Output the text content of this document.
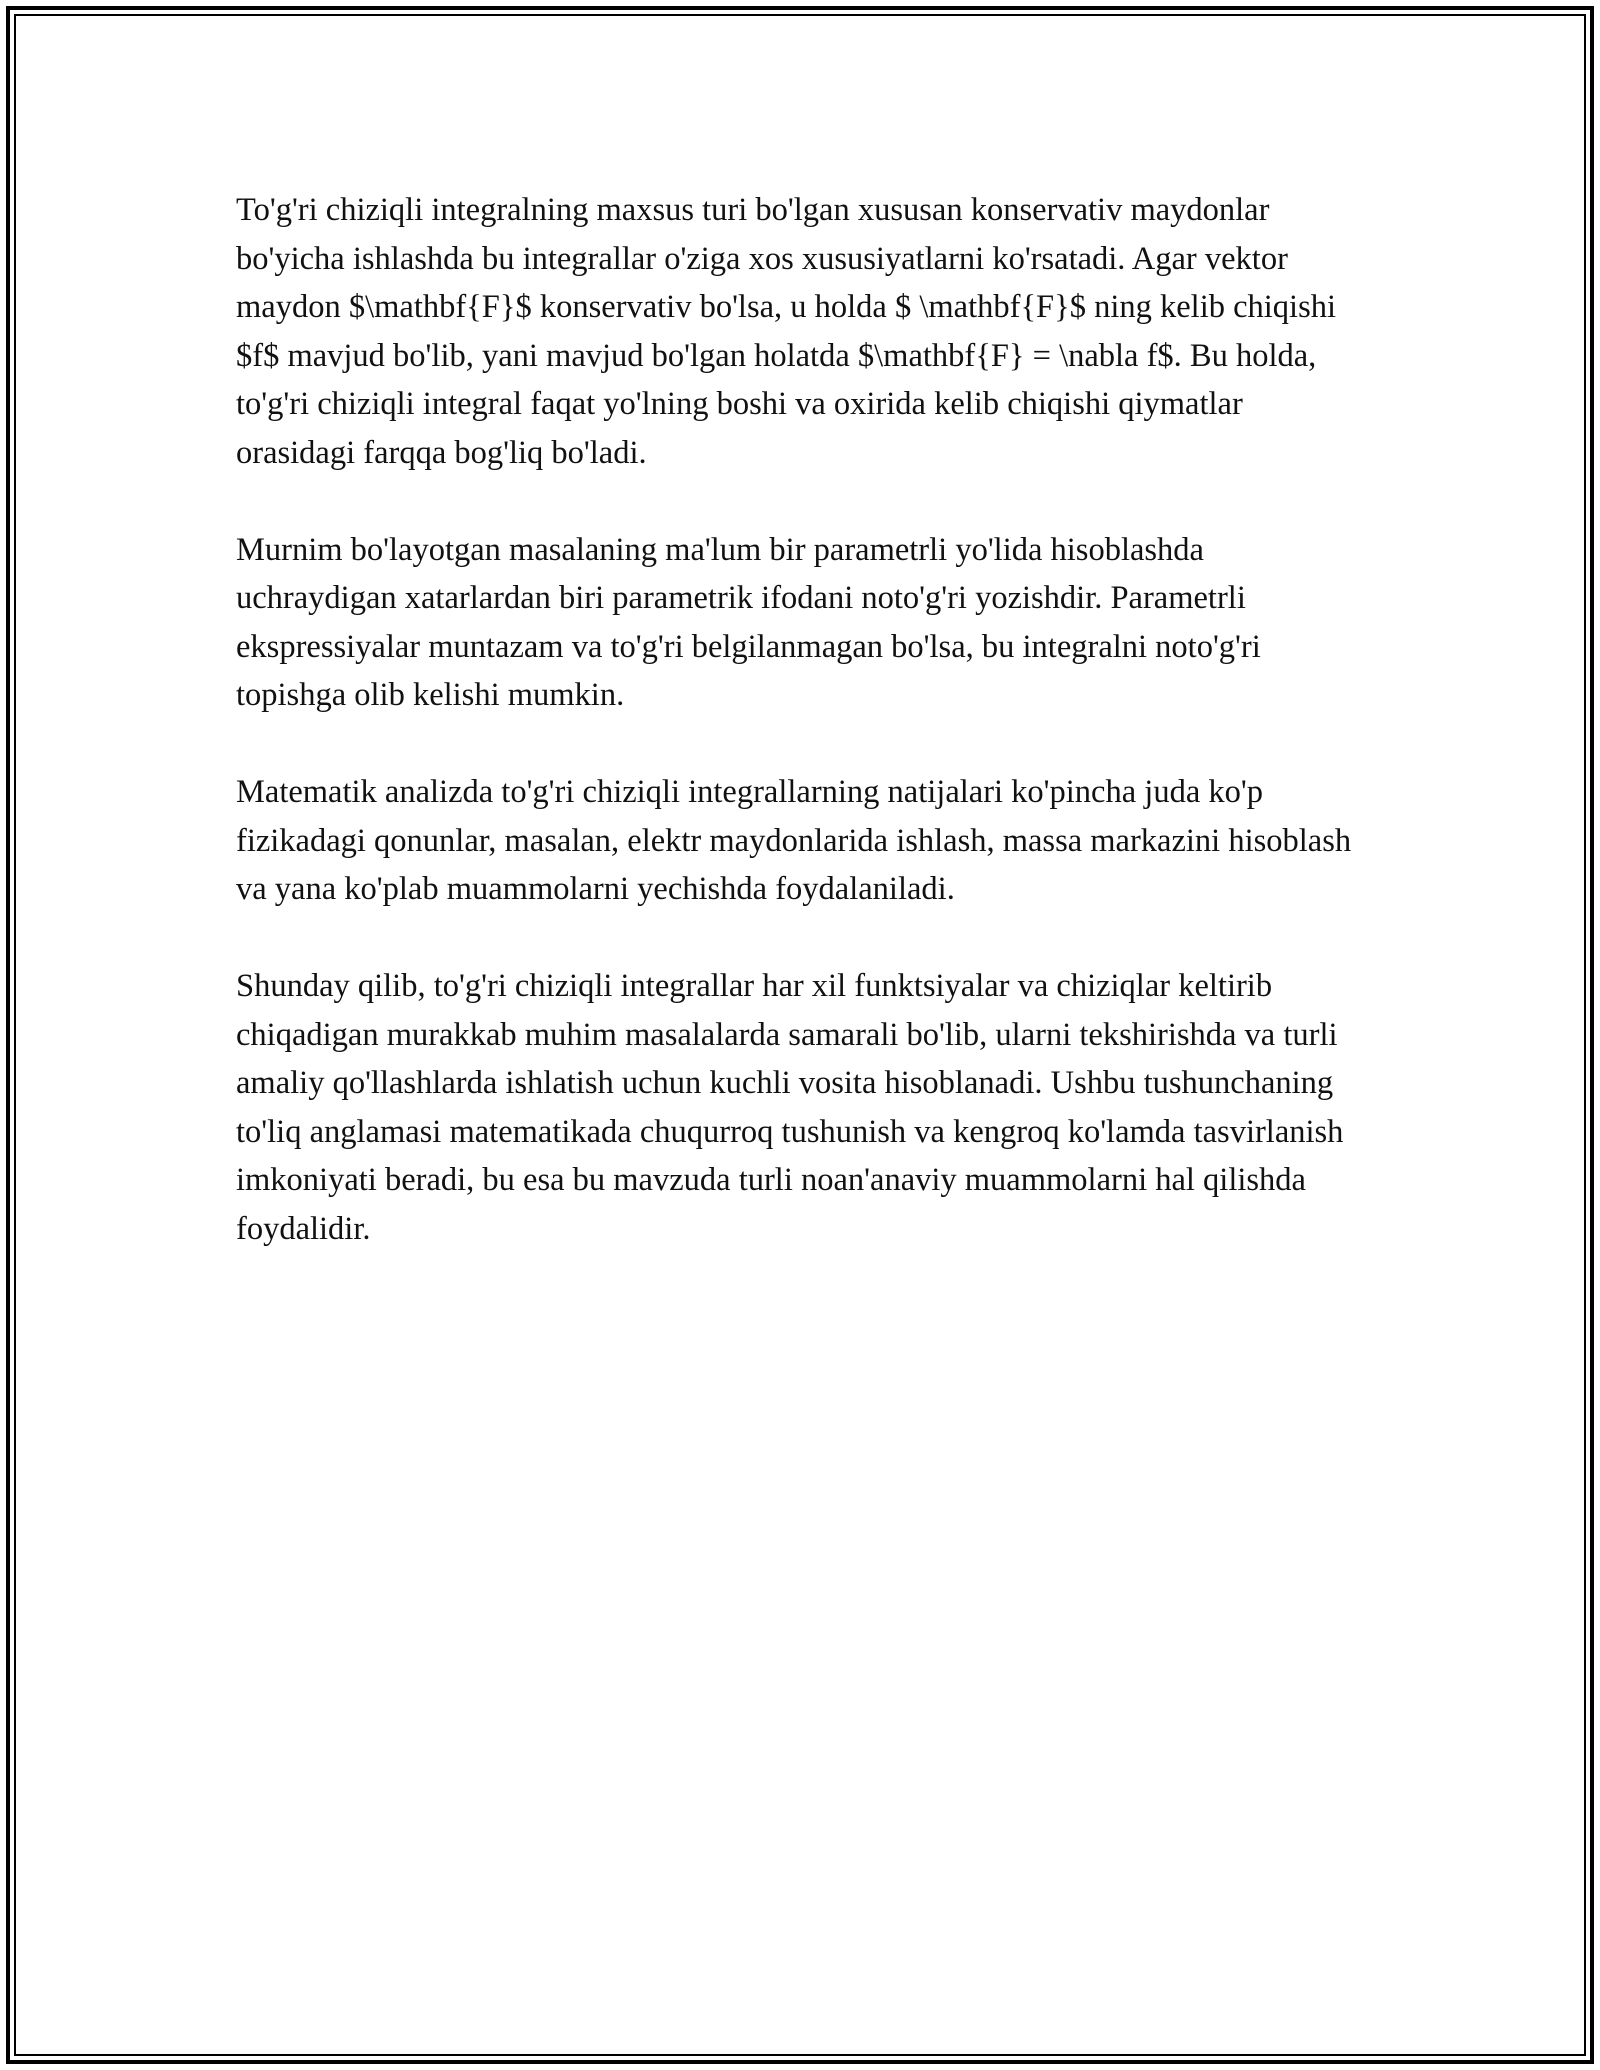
To'g'ri chiziqli integralning maxsus turi bo'lgan xususan konservativ maydonlar bo'yicha ishlashda bu integrallar o'ziga xos xususiyatlarni ko'rsatadi. Agar vektor maydon $\mathbf{F}$ konservativ bo'lsa, u holda $ \mathbf{F}$ ning kelib chiqishi $f$ mavjud bo'lib, yani mavjud bo'lgan holatda $\mathbf{F} = \nabla f$. Bu holda, to'g'ri chiziqli integral faqat yo'lning boshi va oxirida kelib chiqishi qiymatlar orasidagi farqqa bog'liq bo'ladi.

Murnim bo'layotgan masalaning ma'lum bir parametrli yo'lida hisoblashda uchraydigan xatarlardan biri parametrik ifodani noto'g'ri yozishdir. Parametrli ekspressiyalar muntazam va to'g'ri belgilanmagan bo'lsa, bu integralni noto'g'ri topishga olib kelishi mumkin.

Matematik analizda to'g'ri chiziqli integrallarning natijalari ko'pincha juda ko'p fizikadagi qonunlar, masalan, elektr maydonlarida ishlash, massa markazini hisoblash va yana ko'plab muammolarni yechishda foydalaniladi.

Shunday qilib, to'g'ri chiziqli integrallar har xil funktsiyalar va chiziqlar keltirib chiqadigan murakkab muhim masalalarda samarali bo'lib, ularni tekshirishda va turli amaliy qo'llashlarda ishlatish uchun kuchli vosita hisoblanadi. Ushbu tushunchaning to'liq anglamasi matematikada chuqurroq tushunish va kengroq ko'lamda tasvirlanish imkoniyati beradi, bu esa bu mavzuda turli noan'anaviy muammolarni hal qilishda foydalidir.
